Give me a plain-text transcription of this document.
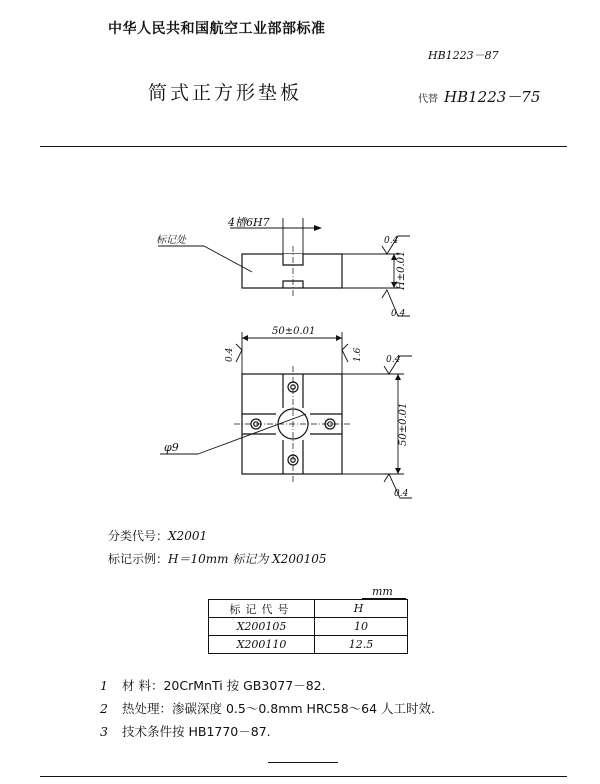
中华人民共和国航空工业部部标准
HB1223－87
简式正方形垫板	代替 HB1223－75
4槽6H7
标记处	0.4
0.4
H±0.01
50±0.01
0.4	1.6	0.4
50±0.01
φ9
0.4
分类代号：X2001
标记示例：H＝10mm 标记为 X200105
mm
标记代号	H
X200105	10
X200110	12.5
1 材 料：20CrMnTi 按 GB3077－82.
2 热处理：渗碳深度 0.5～0.8mm HRC58～64 人工时效.
3 技术条件按 HB1770－87.
